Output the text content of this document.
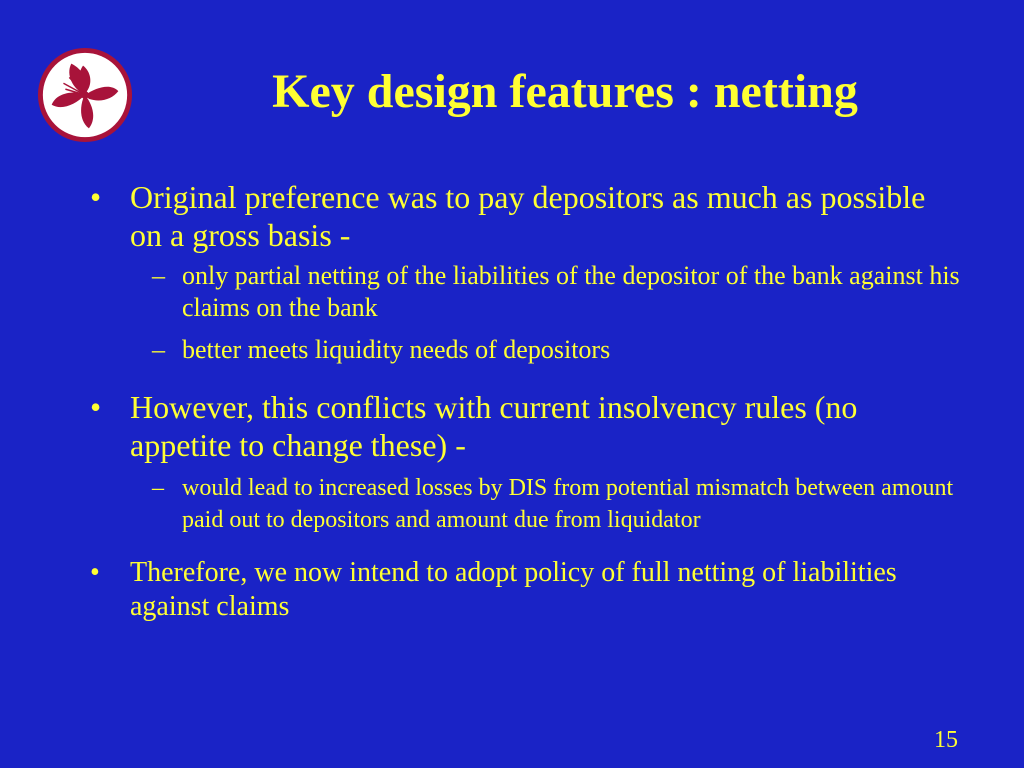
Key design features : netting
• Original preference was to pay depositors as much as possible on a gross basis -
– only partial netting of the liabilities of the depositor of the bank against his claims on the bank
– better meets liquidity needs of depositors
• However, this conflicts with current insolvency rules (no appetite to change these) -
– would lead to increased losses by DIS from potential mismatch between amount paid out to depositors and amount due from liquidator
• Therefore, we now intend to adopt policy of full netting of liabilities against claims
15
